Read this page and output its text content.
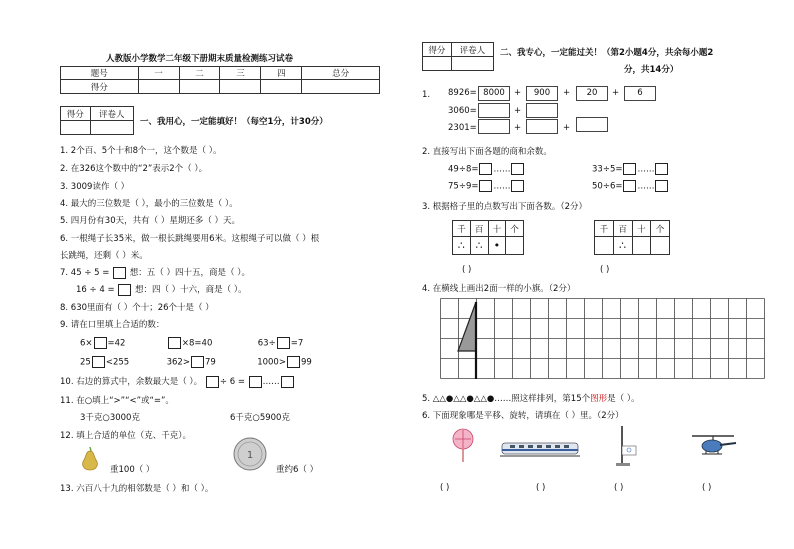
人教版小学数学二年级下册期末质量检测练习试卷
题号	一	二	三	四	总分
得分					
得分	评卷人

一、我用心，一定能填好！（每空1分，计30分）
1. 2个百、5个十和8个一，这个数是（ ）。
2. 在326这个数中的“2”表示2个（ ）。
3. 3009读作（ ）
4. 最大的三位数是（ ），最小的三位数是（ ）。
5. 四月份有30天，共有（ ）星期还多（ ）天。
6. 一根绳子长35米，做一根长跳绳要用6米。这根绳子可以做（ ）根
长跳绳，还剩（ ）米。
7. 45 ÷ 5 = 想：五（ ）四十五，商是（ ）。
16 ÷ 4 = 想：四（ ）十六，商是（ ）。
8. 630里面有（ ）个十；26个十是（ ）
9. 请在口里填上合适的数：
6× =42	×8=40	63÷ =7
25 <255	362> 79	1000> 99
10. 右边的算式中，余数最大是（ ）。 ÷ 6 = ……
11. 在○填上“>”“<”或“=”。
3千克○3000克	6千克○5900克
12. 填上合适的单位（克、千克）。
重100（ ）
1
重约6（ ）
13. 六百八十九的相邻数是（ ）和（ ）。
得分	评卷人
	二、我专心，一定能过关！（第2小题4分，共余每小题2
分，共14分）
1. 8926= 8000	+	900	+	20	+	6
3060=	+
2301=	+	+
2. 直接写出下面各题的商和余数。
49÷8= ……	33÷5= ……
75÷9= ……	50÷6= ……
3. 根据格子里的点数写出下面各数。（2分）
千	百	十	个
∴	∴	•	
( )
千	百	十	个
	∴		
( )
4. 在横线上画出2面一样的小旗。（2分）
5. △△●△△●△△●……照这样排列，第15个图形是（ ）。
6. 下面现象哪是平移、旋转，请填在（ ）里。（2分）
( )	( )	( )	( )
